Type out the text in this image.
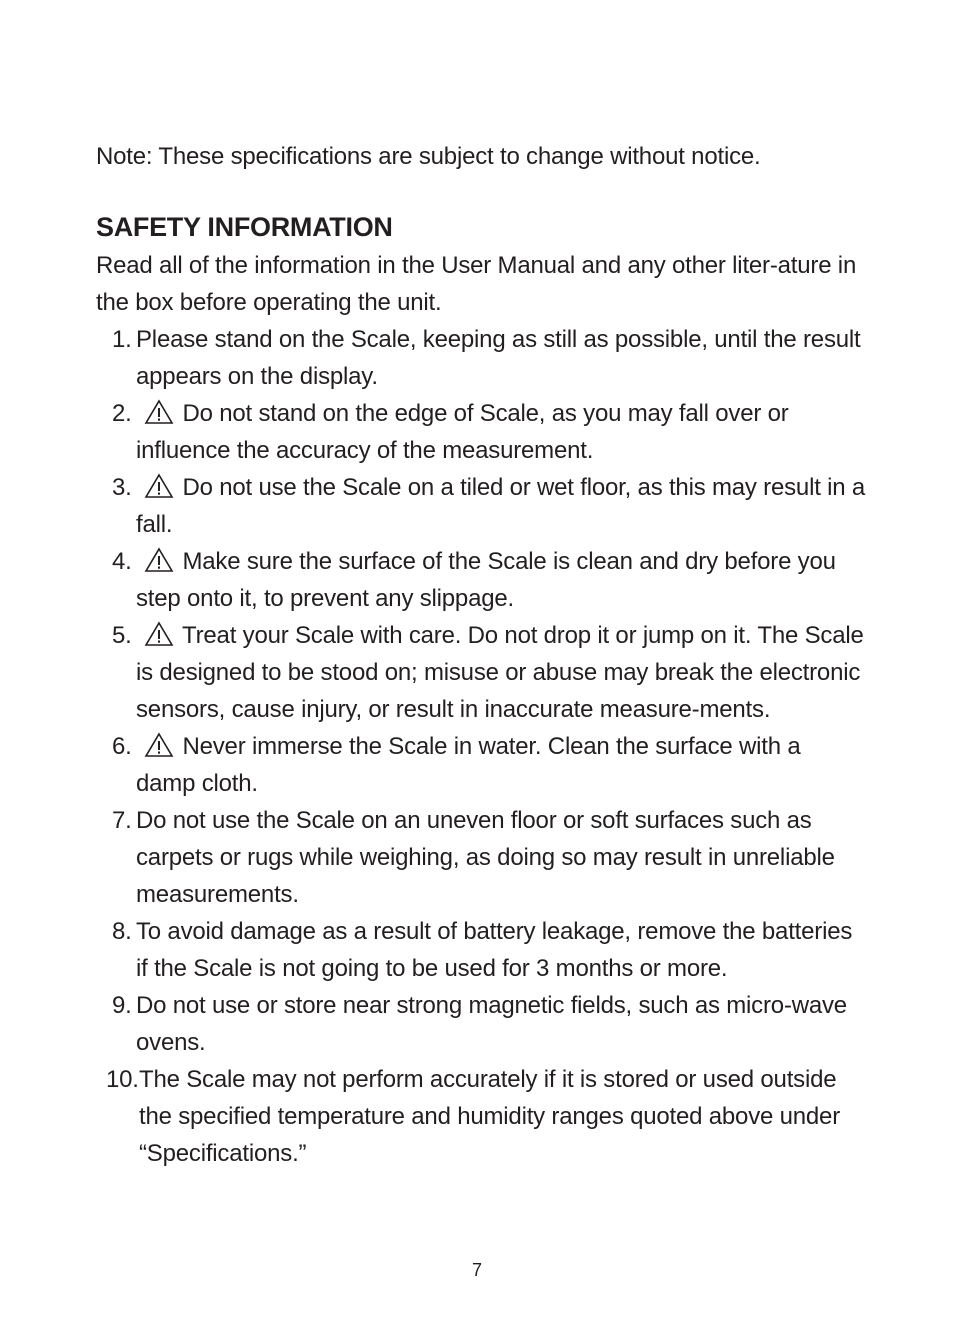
Note: These specifications are subject to change without notice.

SAFETY INFORMATION

Read all of the information in the User Manual and any other liter-ature in the box before operating the unit.

1. Please stand on the Scale, keeping as still as possible, until the result appears on the display.
2. Do not stand on the edge of Scale, as you may fall over or influence the accuracy of the measurement.
3. Do not use the Scale on a tiled or wet floor, as this may result in a fall.
4. Make sure the surface of the Scale is clean and dry before you step onto it, to prevent any slippage.
5. Treat your Scale with care. Do not drop it or jump on it. The Scale is designed to be stood on; misuse or abuse may break the electronic sensors, cause injury, or result in inaccurate measure-ments.
6. Never immerse the Scale in water. Clean the surface with a damp cloth.
7. Do not use the Scale on an uneven floor or soft surfaces such as carpets or rugs while weighing, as doing so may result in unreliable measurements.
8. To avoid damage as a result of battery leakage, remove the batteries if the Scale is not going to be used for 3 months or more.
9. Do not use or store near strong magnetic fields, such as micro-wave ovens.
10. The Scale may not perform accurately if it is stored or used outside the specified temperature and humidity ranges quoted above under “Specifications.”
7
